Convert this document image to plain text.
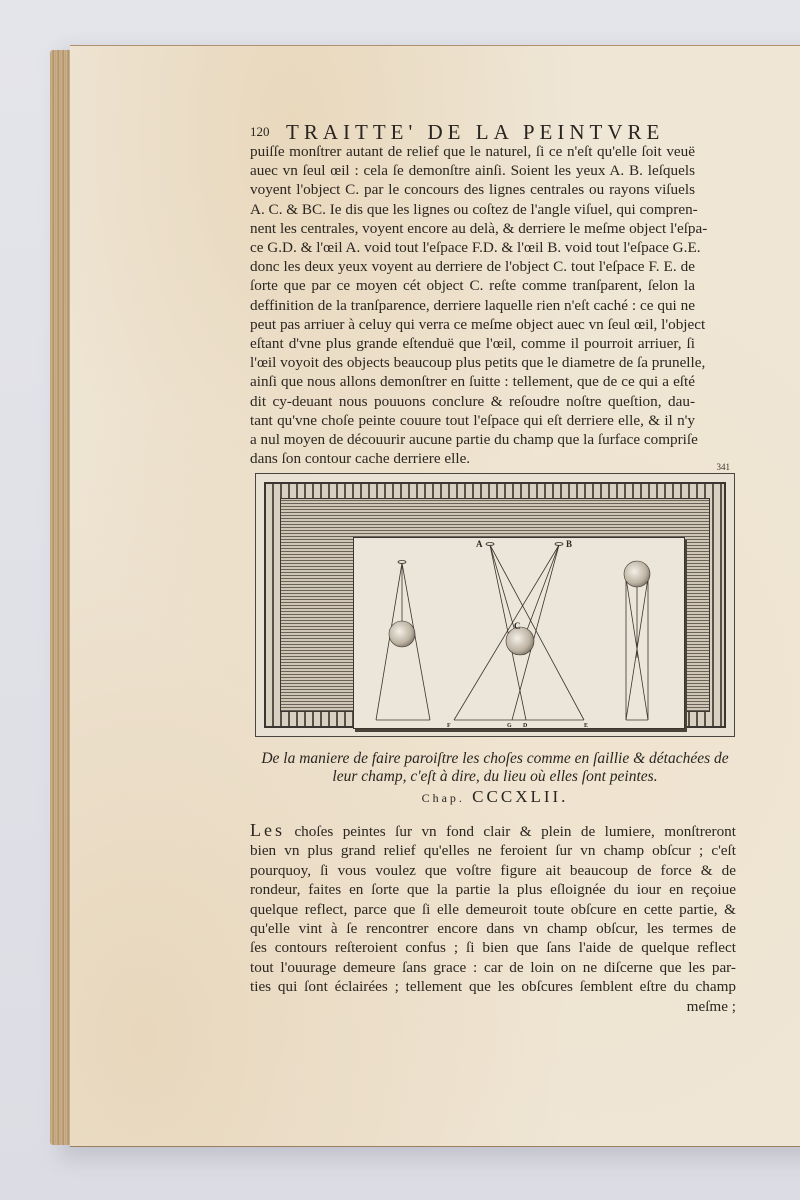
120 TRAITTE' DE LA PEINTVRE
puiſſe monſtrer autant de relief que le naturel, ſi ce n'eſt qu'elle ſoit veuë
auec vn ſeul œil : cela ſe demonſtre ainſi. Soient les yeux A. B. leſquels
voyent l'object C. par le concours des lignes centrales ou rayons viſuels
A. C. & BC. Ie dis que les lignes ou coſtez de l'angle viſuel, qui compren-
nent les centrales, voyent encore au delà, & derriere le meſme object l'eſpa-
ce G.D. & l'œil A. void tout l'eſpace F.D. & l'œil B. void tout l'eſpace G.E.
donc les deux yeux voyent au derriere de l'object C. tout l'eſpace F. E. de
ſorte que par ce moyen cét object C. reſte comme tranſparent, ſelon la
deffinition de la tranſparence, derriere laquelle rien n'eſt caché : ce qui ne
peut pas arriuer à celuy qui verra ce meſme object auec vn ſeul œil, l'object
eſtant d'vne plus grande eſtenduë que l'œil, comme il pourroit arriuer, ſi
l'œil voyoit des objects beaucoup plus petits que le diametre de ſa prunelle,
ainſi que nous allons demonſtrer en ſuitte : tellement, que de ce qui a eſté
dit cy-deuant nous pouuons conclure & reſoudre noſtre queſtion, dau-
tant qu'vne choſe peinte couure tout l'eſpace qui eſt derriere elle, & il n'y
a nul moyen de découurir aucune partie du champ que la ſurface compriſe
dans ſon contour cache derriere elle.	341
A	B
C
F	G D	E
De la maniere de faire paroiſtre les choſes comme en ſaillie & détachées de
leur champ, c'eſt à dire, du lieu où elles ſont peintes.
Chap. CCCXLII.
Les choſes peintes ſur vn fond clair & plein de lumiere, monſtreront
bien vn plus grand relief qu'elles ne feroient ſur vn champ obſcur ; c'eſt
pourquoy, ſi vous voulez que voſtre figure ait beaucoup de force & de
rondeur, faites en ſorte que la partie la plus eſloignée du iour en reçoiue
quelque reflect, parce que ſi elle demeuroit toute obſcure en cette partie, &
qu'elle vint à ſe rencontrer encore dans vn champ obſcur, les termes de
ſes contours reſteroient confus ; ſi bien que ſans l'aide de quelque reflect
tout l'ouurage demeure ſans grace : car de loin on ne diſcerne que les par-
ties qui ſont éclairées ; tellement que les obſcures ſemblent eſtre du champ
meſme ;
